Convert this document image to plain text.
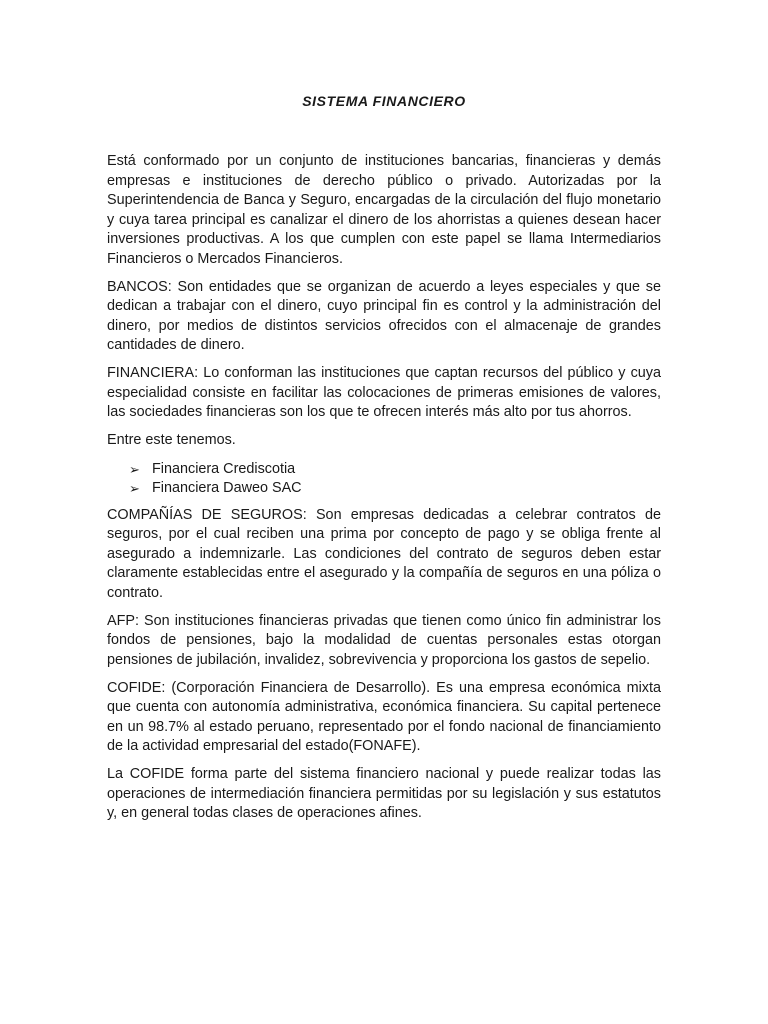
SISTEMA FINANCIERO

Está conformado por un conjunto de instituciones bancarias, financieras y demás empresas e instituciones de derecho público o privado. Autorizadas por la Superintendencia de Banca y Seguro, encargadas de la circulación del flujo monetario y cuya tarea principal es canalizar el dinero de los ahorristas a quienes desean hacer inversiones productivas. A los que cumplen con este papel se llama Intermediarios Financieros o Mercados Financieros.

BANCOS: Son entidades que se organizan de acuerdo a leyes especiales y que se dedican a trabajar con el dinero, cuyo principal fin es control y la administración del dinero, por medios de distintos servicios ofrecidos con el almacenaje de grandes cantidades de dinero.

FINANCIERA: Lo conforman las instituciones que captan recursos del público y cuya especialidad consiste en facilitar las colocaciones de primeras emisiones de valores, las sociedades financieras son los que te ofrecen interés más alto por tus ahorros.

Entre este tenemos.

➢ Financiera Crediscotia
➢ Financiera Daweo SAC

COMPAÑÍAS DE SEGUROS: Son empresas dedicadas a celebrar contratos de seguros, por el cual reciben una prima por concepto de pago y se obliga frente al asegurado a indemnizarle. Las condiciones del contrato de seguros deben estar claramente establecidas entre el asegurado y la compañía de seguros en una póliza o contrato.

AFP: Son instituciones financieras privadas que tienen como único fin administrar los fondos de pensiones, bajo la modalidad de cuentas personales estas otorgan pensiones de jubilación, invalidez, sobrevivencia y proporciona los gastos de sepelio.

COFIDE: (Corporación Financiera de Desarrollo). Es una empresa económica mixta que cuenta con autonomía administrativa, económica financiera. Su capital pertenece en un 98.7% al estado peruano, representado por el fondo nacional de financiamiento de la actividad empresarial del estado(FONAFE).

La COFIDE forma parte del sistema financiero nacional y puede realizar todas las operaciones de intermediación financiera permitidas por su legislación y sus estatutos y, en general todas clases de operaciones afines.
